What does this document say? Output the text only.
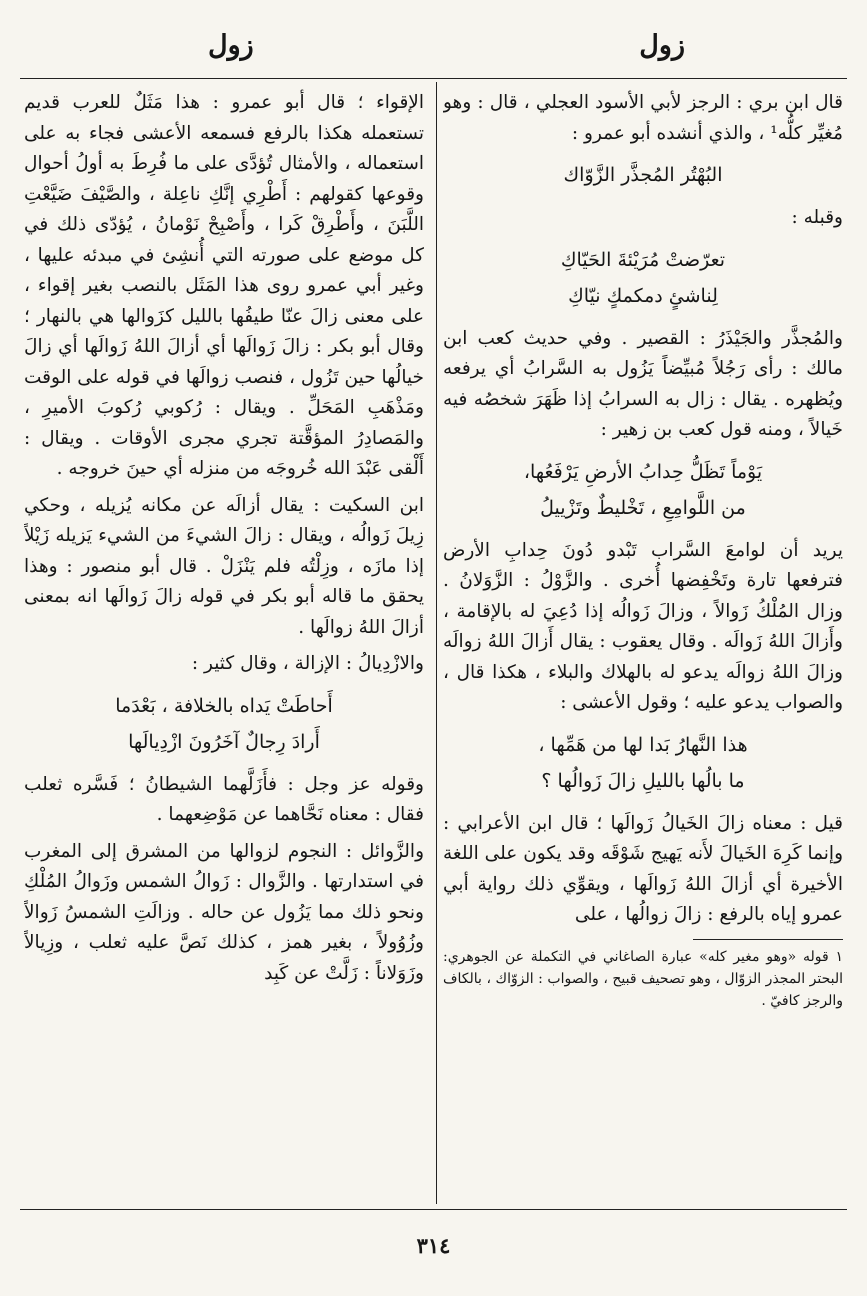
زول
زول

قال ابن بري : الرجز لأبي الأسود العجلي ، قال : وهو مُغيِّر كلُّه¹ ، والذي أنشده أبو عمرو :

البُهْتُر المُجذَّر الزَّوّاك

وقبله :

تعرّضتْ مُرَيْئةَ الحَيّاكِ
لِناشئٍ دمكمكٍ نيّاكِ

والمُجذَّر والجَيْذَرُ : القصير . وفي حديث كعب ابن مالك : رأى رَجُلاً مُبيِّضاً يَزُول به السَّرابُ أي يرفعه ويُظهره . يقال : زال به السرابُ إذا ظَهَرَ شخصُه فيه خَيالاً ، ومنه قول كعب بن زهير :

يَوْماً تَظَلُّ حِدابُ الأرضِ يَرْفَعُها،
من اللَّوامِعِ ، تَخْليطٌ وتَزْييلُ

يريد أن لوامعَ السَّراب تَبْدو دُونَ حِدابِ الأرض فترفعها تارة وتَخْفِضها أُخرى . والزَّوْلُ : الزَّوَلانُ . وزال المُلْكُ زَوالاً ، وزالَ زَوالُه إذا دُعِيَ له بالإقامة ، وأَزالَ اللهُ زَوالَه . وقال يعقوب : يقال أَزالَ اللهُ زوالَه وزالَ اللهُ زوالَه يدعو له بالهلاك والبلاء ، هكذا قال ، والصواب يدعو عليه ؛ وقول الأعشى :

هذا النَّهارُ بَدا لها من هَمِّها ،
ما بالُها بالليلِ زالَ زَوالُها ؟

قيل : معناه زالَ الخَيالُ زَوالَها ؛ قال ابن الأعرابي : وإنما كَرِهَ الخَيالَ لأَنه يَهيج شَوْقَه وقد يكون على اللغة الأخيرة أي أزالَ اللهُ زَوالَها ، ويقوِّي ذلك رواية أبي عمرو إياه بالرفع : زالَ زوالُها ، على

١ قوله «وهو مغير كله» عبارة الصاغاني في التكملة عن الجوهري: البحتر المجذر الزوّال ، وهو تصحيف قبيح ، والصواب : الزوّاك ، بالكاف والرجز كافيّ .

الإقواء ؛ قال أبو عمرو : هذا مَثَلٌ للعرب قديم تستعمله هكذا بالرفع فسمعه الأعشى فجاء به على استعماله ، والأمثال تُؤدَّى على ما فُرِطَ به أولُ أحوال وقوعها كقولهم : أَطْرِي إنَّكِ ناعِلة ، والصَّيْفَ ضَيَّعْتِ اللَّبَنَ ، وأَطْرِقْ كَرا ، وأَصْبِحْ نَوْمانُ ، يُؤدّى ذلك في كل موضع على صورته التي أُنشِئ في مبدئه عليها ، وغير أبي عمرو روى هذا المَثَل بالنصب بغير إقواء ، على معنى زالَ عنّا طيفُها بالليل كزَوالها هي بالنهار ؛ وقال أبو بكر : زالَ زَوالَها أي أزالَ اللهُ زَوالَها أي زالَ خيالُها حين تَزُول ، فنصب زوالَها في قوله على الوقت ومَذْهَبِ المَحَلِّ . ويقال : رُكوبي رُكوبَ الأميرِ ، والمَصادِرُ المؤقَّتة تجري مجرى الأوقات . ويقال : أَلْقى عَبْدَ الله خُروجَه من منزله أي حينَ خروجه .

ابن السكيت : يقال أزالَه عن مكانه يُزيله ، وحكي زِيلَ زَوالُه ، ويقال : زالَ الشيءَ من الشيء يَزيله زَيْلاً إذا مازَه ، وزِلْتُه فلم يَنْزَلْ . قال أبو منصور : وهذا يحقق ما قاله أبو بكر في قوله زالَ زَوالَها انه بمعنى أزالَ اللهُ زوالَها .

والازْدِيالُ : الإزالة ، وقال كثير :

أَحاطَتْ يَداه بالخلافة ، بَعْدَما
أَرادَ رِجالٌ آخَرُونَ ازْدِيالَها

وقوله عز وجل : فأَزَلَّهما الشيطانُ ؛ فَسَّره ثعلب فقال : معناه نَحَّاهما عن مَوْضِعهما .

والزَّوائل : النجوم لزوالها من المشرق إلى المغرب في استدارتها . والزَّوال : زَوالُ الشمس وزَوالُ المُلْكِ ونحو ذلك مما يَزُول عن حاله . وزالَتِ الشمسُ زَوالاً وزُوُولاً ، بغير همز ، كذلك نَصَّ عليه ثعلب ، وزِيالاً وزَوَلاناً : زَلَّتْ عن كَبِد

٣١٤
